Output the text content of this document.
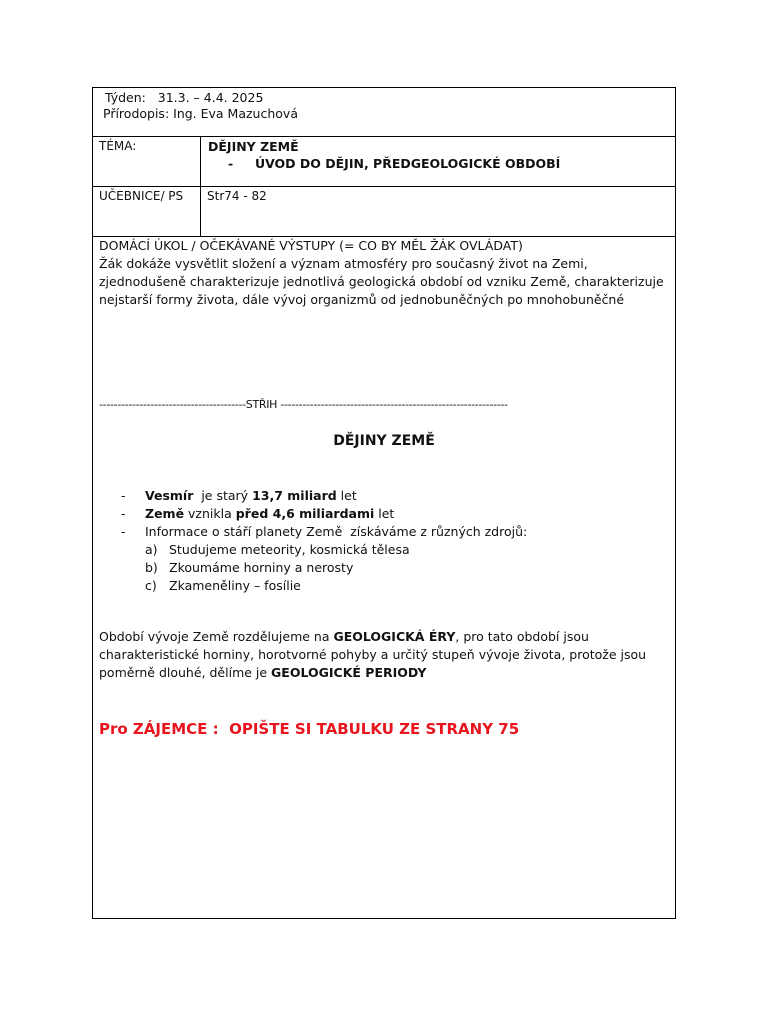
Týden:   31.3. – 4.4. 2025
Přírodopis: Ing. Eva Mazuchová
TÉMA:	DĚJINY ZEMĚ
-     ÚVOD DO DĚJIN, PŘEDGEOLOGICKÉ OBDOBÍ
UČEBNICE/ PS	Str74 - 82
DOMÁCÍ ÚKOL / OČEKÁVANÉ VÝSTUPY (= CO BY MĚL ŽÁK OVLÁDAT)
Žák dokáže vysvětlit složení a význam atmosféry pro současný život na Zemi, zjednodušeně charakterizuje jednotlivá geologická období od vzniku Země, charakterizuje nejstarší formy života, dále vývoj organizmů od jednobuněčných po mnohobuněčné
----------------------------------------STŘIH --------------------------------------------------------------
DĚJINY ZEMĚ
- Vesmír  je starý 13,7 miliard let
- Země vznikla před 4,6 miliardami let
- Informace o stáří planety Země  získáváme z různých zdrojů:
a) Studujeme meteority, kosmická tělesa
b) Zkoumáme horniny a nerosty
c) Zkameněliny – fosílie
Období vývoje Země rozdělujeme na GEOLOGICKÁ ÉRY, pro tato období jsou charakteristické horniny, horotvorné pohyby a určitý stupeň vývoje života, protože jsou poměrně dlouhé, dělíme je GEOLOGICKÉ PERIODY
Pro ZÁJEMCE :  OPIŠTE SI TABULKU ZE STRANY 75
